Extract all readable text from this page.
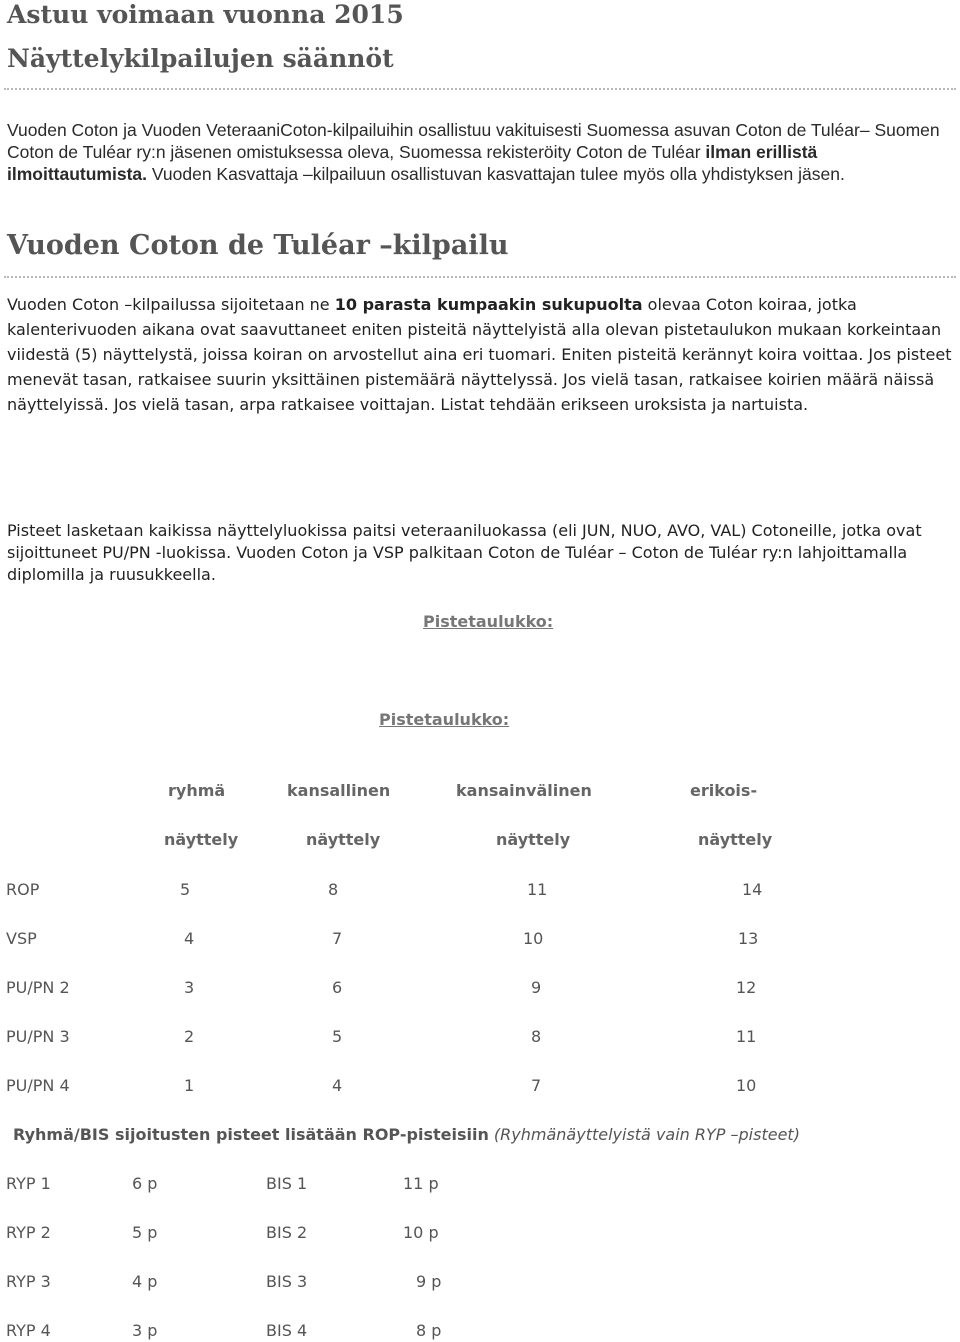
Astuu voimaan vuonna 2015
Näyttelykilpailujen säännöt
Vuoden Coton ja Vuoden VeteraaniCoton-kilpailuihin osallistuu vakituisesti Suomessa asuvan Coton de Tuléar– Suomen Coton de Tuléar ry:n jäsenen omistuksessa oleva, Suomessa rekisteröity Coton de Tuléar ilman erillistä ilmoittautumista. Vuoden Kasvattaja –kilpailuun osallistuvan kasvattajan tulee myös olla yhdistyksen jäsen.
Vuoden Coton de Tuléar –kilpailu
Vuoden Coton –kilpailussa sijoitetaan ne 10 parasta kumpaakin sukupuolta olevaa Coton koiraa, jotka kalenterivuoden aikana ovat saavuttaneet eniten pisteitä näyttelyistä alla olevan pistetaulukon mukaan korkeintaan viidestä (5) näyttelystä, joissa koiran on arvostellut aina eri tuomari. Eniten pisteitä kerännyt koira voittaa. Jos pisteet menevät tasan, ratkaisee suurin yksittäinen pistemäärä näyttelyssä. Jos vielä tasan, ratkaisee koirien määrä näissä näyttelyissä. Jos vielä tasan, arpa ratkaisee voittajan. Listat tehdään erikseen uroksista ja nartuista.
Pisteet lasketaan kaikissa näyttelyluokissa paitsi veteraaniluokassa (eli JUN, NUO, AVO, VAL) Cotoneille, jotka ovat sijoittuneet PU/PN -luokissa. Vuoden Coton ja VSP palkitaan Coton de Tuléar – Coton de Tuléar ry:n lahjoittamalla diplomilla ja ruusukkeella.
Pistetaulukko:
Pistetaulukko:
ryhmä	kansallinen	kansainvälinen	erikois-
näyttely	näyttely	näyttely	näyttely
ROP	5	8	11	14
VSP	4	7	10	13
PU/PN 2	3	6	9	12
PU/PN 3	2	5	8	11
PU/PN 4	1	4	7	10
Ryhmä/BIS sijoitusten pisteet lisätään ROP-pisteisiin (Ryhmänäyttelyistä vain RYP –pisteet)
RYP 1	6 p	BIS 1	11 p
RYP 2	5 p	BIS 2	10 p
RYP 3	4 p	BIS 3	9 p
RYP 4	3 p	BIS 4	8 p
